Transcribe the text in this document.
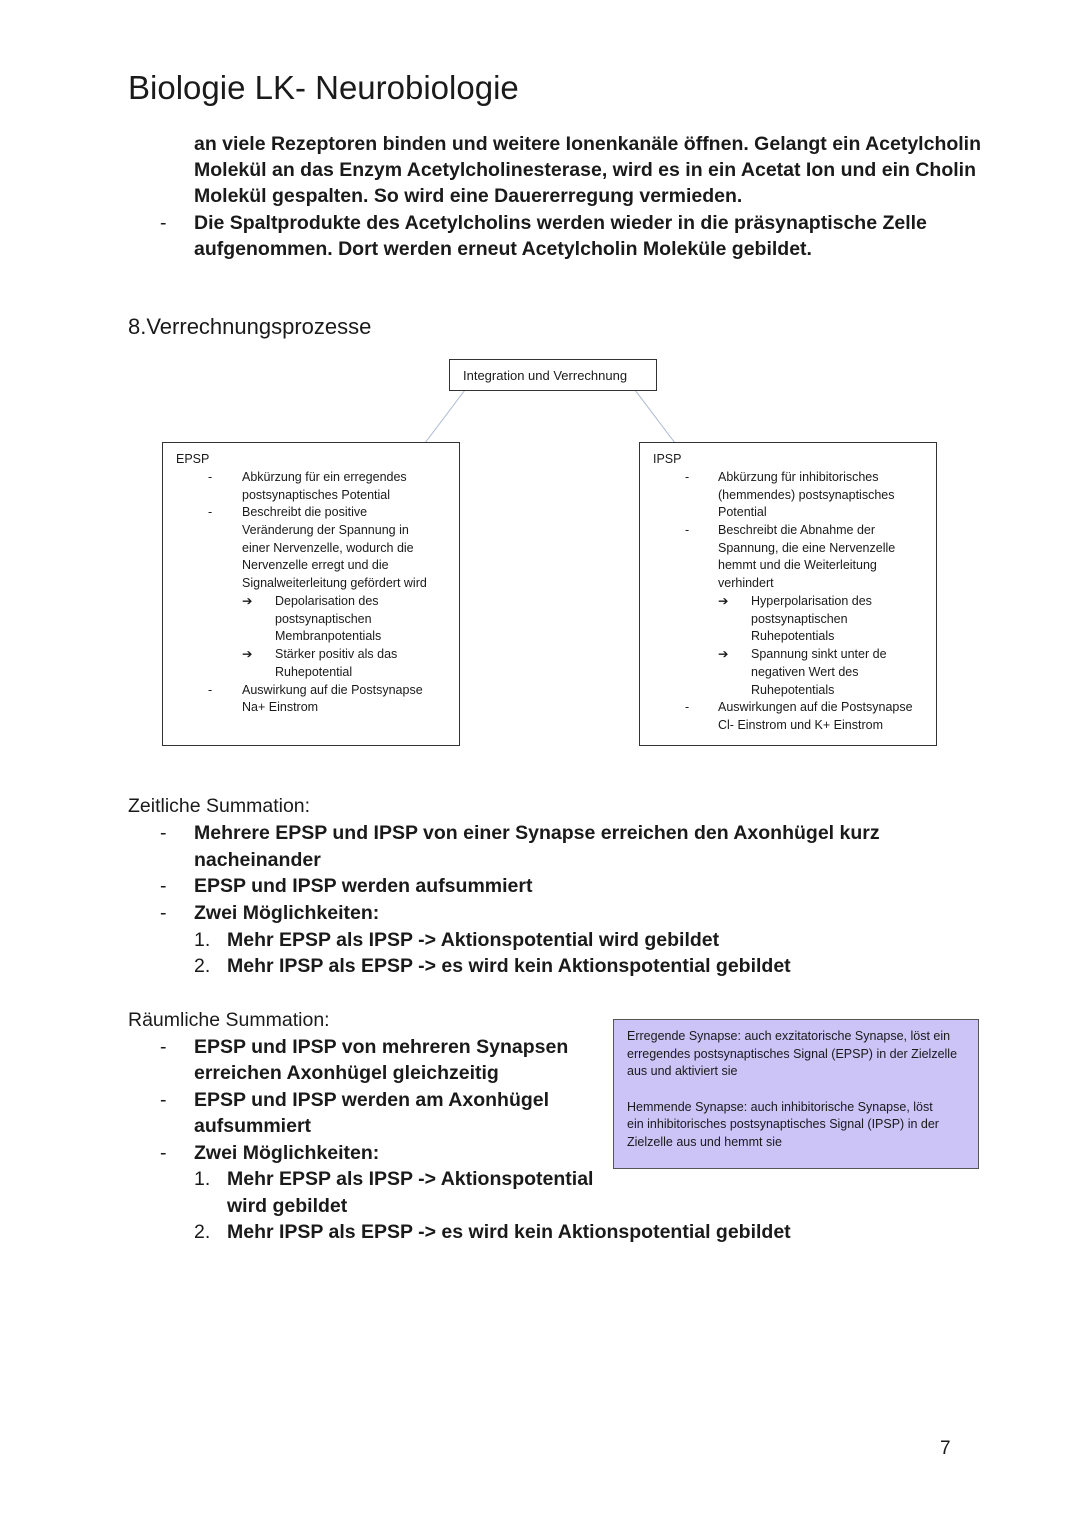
Biologie LK- Neurobiologie
an viele Rezeptoren binden und weitere Ionenkanäle öffnen. Gelangt ein Acetylcholin
Molekül an das Enzym Acetylcholinesterase, wird es in ein Acetat Ion und ein Cholin
Molekül gespalten. So wird eine Dauererregung vermieden.
- Die Spaltprodukte des Acetylcholins werden wieder in die präsynaptische Zelle
aufgenommen. Dort werden erneut Acetylcholin Moleküle gebildet.
8.Verrechnungsprozesse
Integration und Verrechnung
EPSP
- Abkürzung für ein erregendes
postsynaptisches Potential
- Beschreibt die positive
Veränderung der Spannung in
einer Nervenzelle, wodurch die
Nervenzelle erregt und die
Signalweiterleitung gefördert wird
➔ Depolarisation des
postsynaptischen
Membranpotentials
➔ Stärker positiv als das
Ruhepotential
- Auswirkung auf die Postsynapse
Na+ Einstrom
IPSP
- Abkürzung für inhibitorisches
(hemmendes) postsynaptisches
Potential
- Beschreibt die Abnahme der
Spannung, die eine Nervenzelle
hemmt und die Weiterleitung
verhindert
➔ Hyperpolarisation des
postsynaptischen
Ruhepotentials
➔ Spannung sinkt unter de
negativen Wert des
Ruhepotentials
- Auswirkungen auf die Postsynapse
Cl- Einstrom und K+ Einstrom
Zeitliche Summation:
- Mehrere EPSP und IPSP von einer Synapse erreichen den Axonhügel kurz
nacheinander
- EPSP und IPSP werden aufsummiert
- Zwei Möglichkeiten:
1. Mehr EPSP als IPSP -> Aktionspotential wird gebildet
2. Mehr IPSP als EPSP -> es wird kein Aktionspotential gebildet
Räumliche Summation:
- EPSP und IPSP von mehreren Synapsen
erreichen Axonhügel gleichzeitig
- EPSP und IPSP werden am Axonhügel
aufsummiert
- Zwei Möglichkeiten:
1. Mehr EPSP als IPSP -> Aktionspotential
wird gebildet
2. Mehr IPSP als EPSP -> es wird kein Aktionspotential gebildet
Erregende Synapse: auch exzitatorische Synapse, löst ein
erregendes postsynaptisches Signal (EPSP) in der Zielzelle
aus und aktiviert sie
Hemmende Synapse: auch inhibitorische Synapse, löst
ein inhibitorisches postsynaptisches Signal (IPSP) in der
Zielzelle aus und hemmt sie
7
